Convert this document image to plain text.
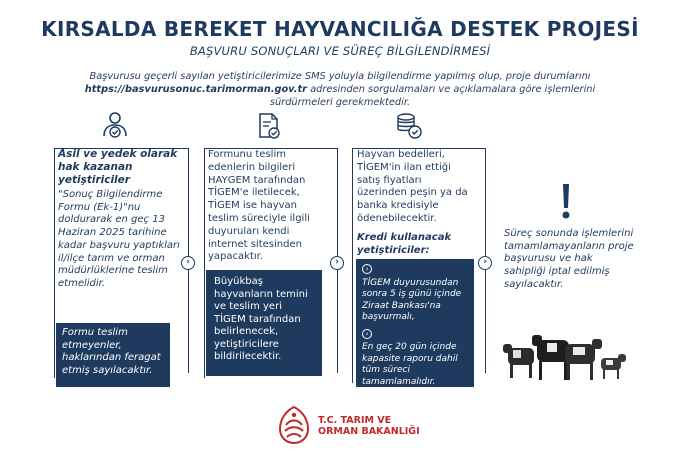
KIRSALDA BEREKET HAYVANCILIĞA DESTEK PROJESİ
BAŞVURU SONUÇLARI VE SÜREÇ BİLGİLENDİRMESİ
Başvurusu geçerli sayılan yetiştiricilerimize SMS yoluyla bilgilendirme yapılmış olup, proje durumlarını
https://basvurusonuc.tarimorman.gov.tr adresinden sorgulamaları ve açıklamalara göre işlemlerini
sürdürmeleri gerekmektedir.
›
Asil ve yedek olarak hak kazanan yetiştiriciler
"Sonuç Bilgilendirme Formu (Ek-1)"nu doldurarak en geç 13 Haziran 2025 tarihine kadar başvuru yaptıkları il/ilçe tarım ve orman müdürlüklerine teslim etmelidir.
Formu teslim etmeyenler, haklarından feragat etmiş sayılacaktır.
›
Formunu teslim edenlerin bilgileri HAYGEM tarafından TİGEM'e iletilecek, TİGEM ise hayvan teslim süreciyle ilgili duyuruları kendi internet sitesinden yapacaktır.
Büyükbaş hayvanların temini ve teslim yeri TİGEM tarafından belirlenecek, yetiştiricilere bildirilecektir.
›
Hayvan bedelleri, TİGEM'in ilan ettiği satış fiyatları üzerinden peşin ya da banka kredisiyle ödenebilecektir.
Kredi kullanacak yetiştiriciler:
›
TİGEM duyurusundan sonra 5 iş günü içinde Ziraat Bankası'na başvurmalı,
›
En geç 20 gün içinde kapasite raporu dahil tüm süreci tamamlamalıdır.
Süreç sonunda işlemlerini tamamlamayanların proje başvurusu ve hak sahipliği iptal edilmiş sayılacaktır.
T.C. TARIM VE
ORMAN BAKANLIĞI
